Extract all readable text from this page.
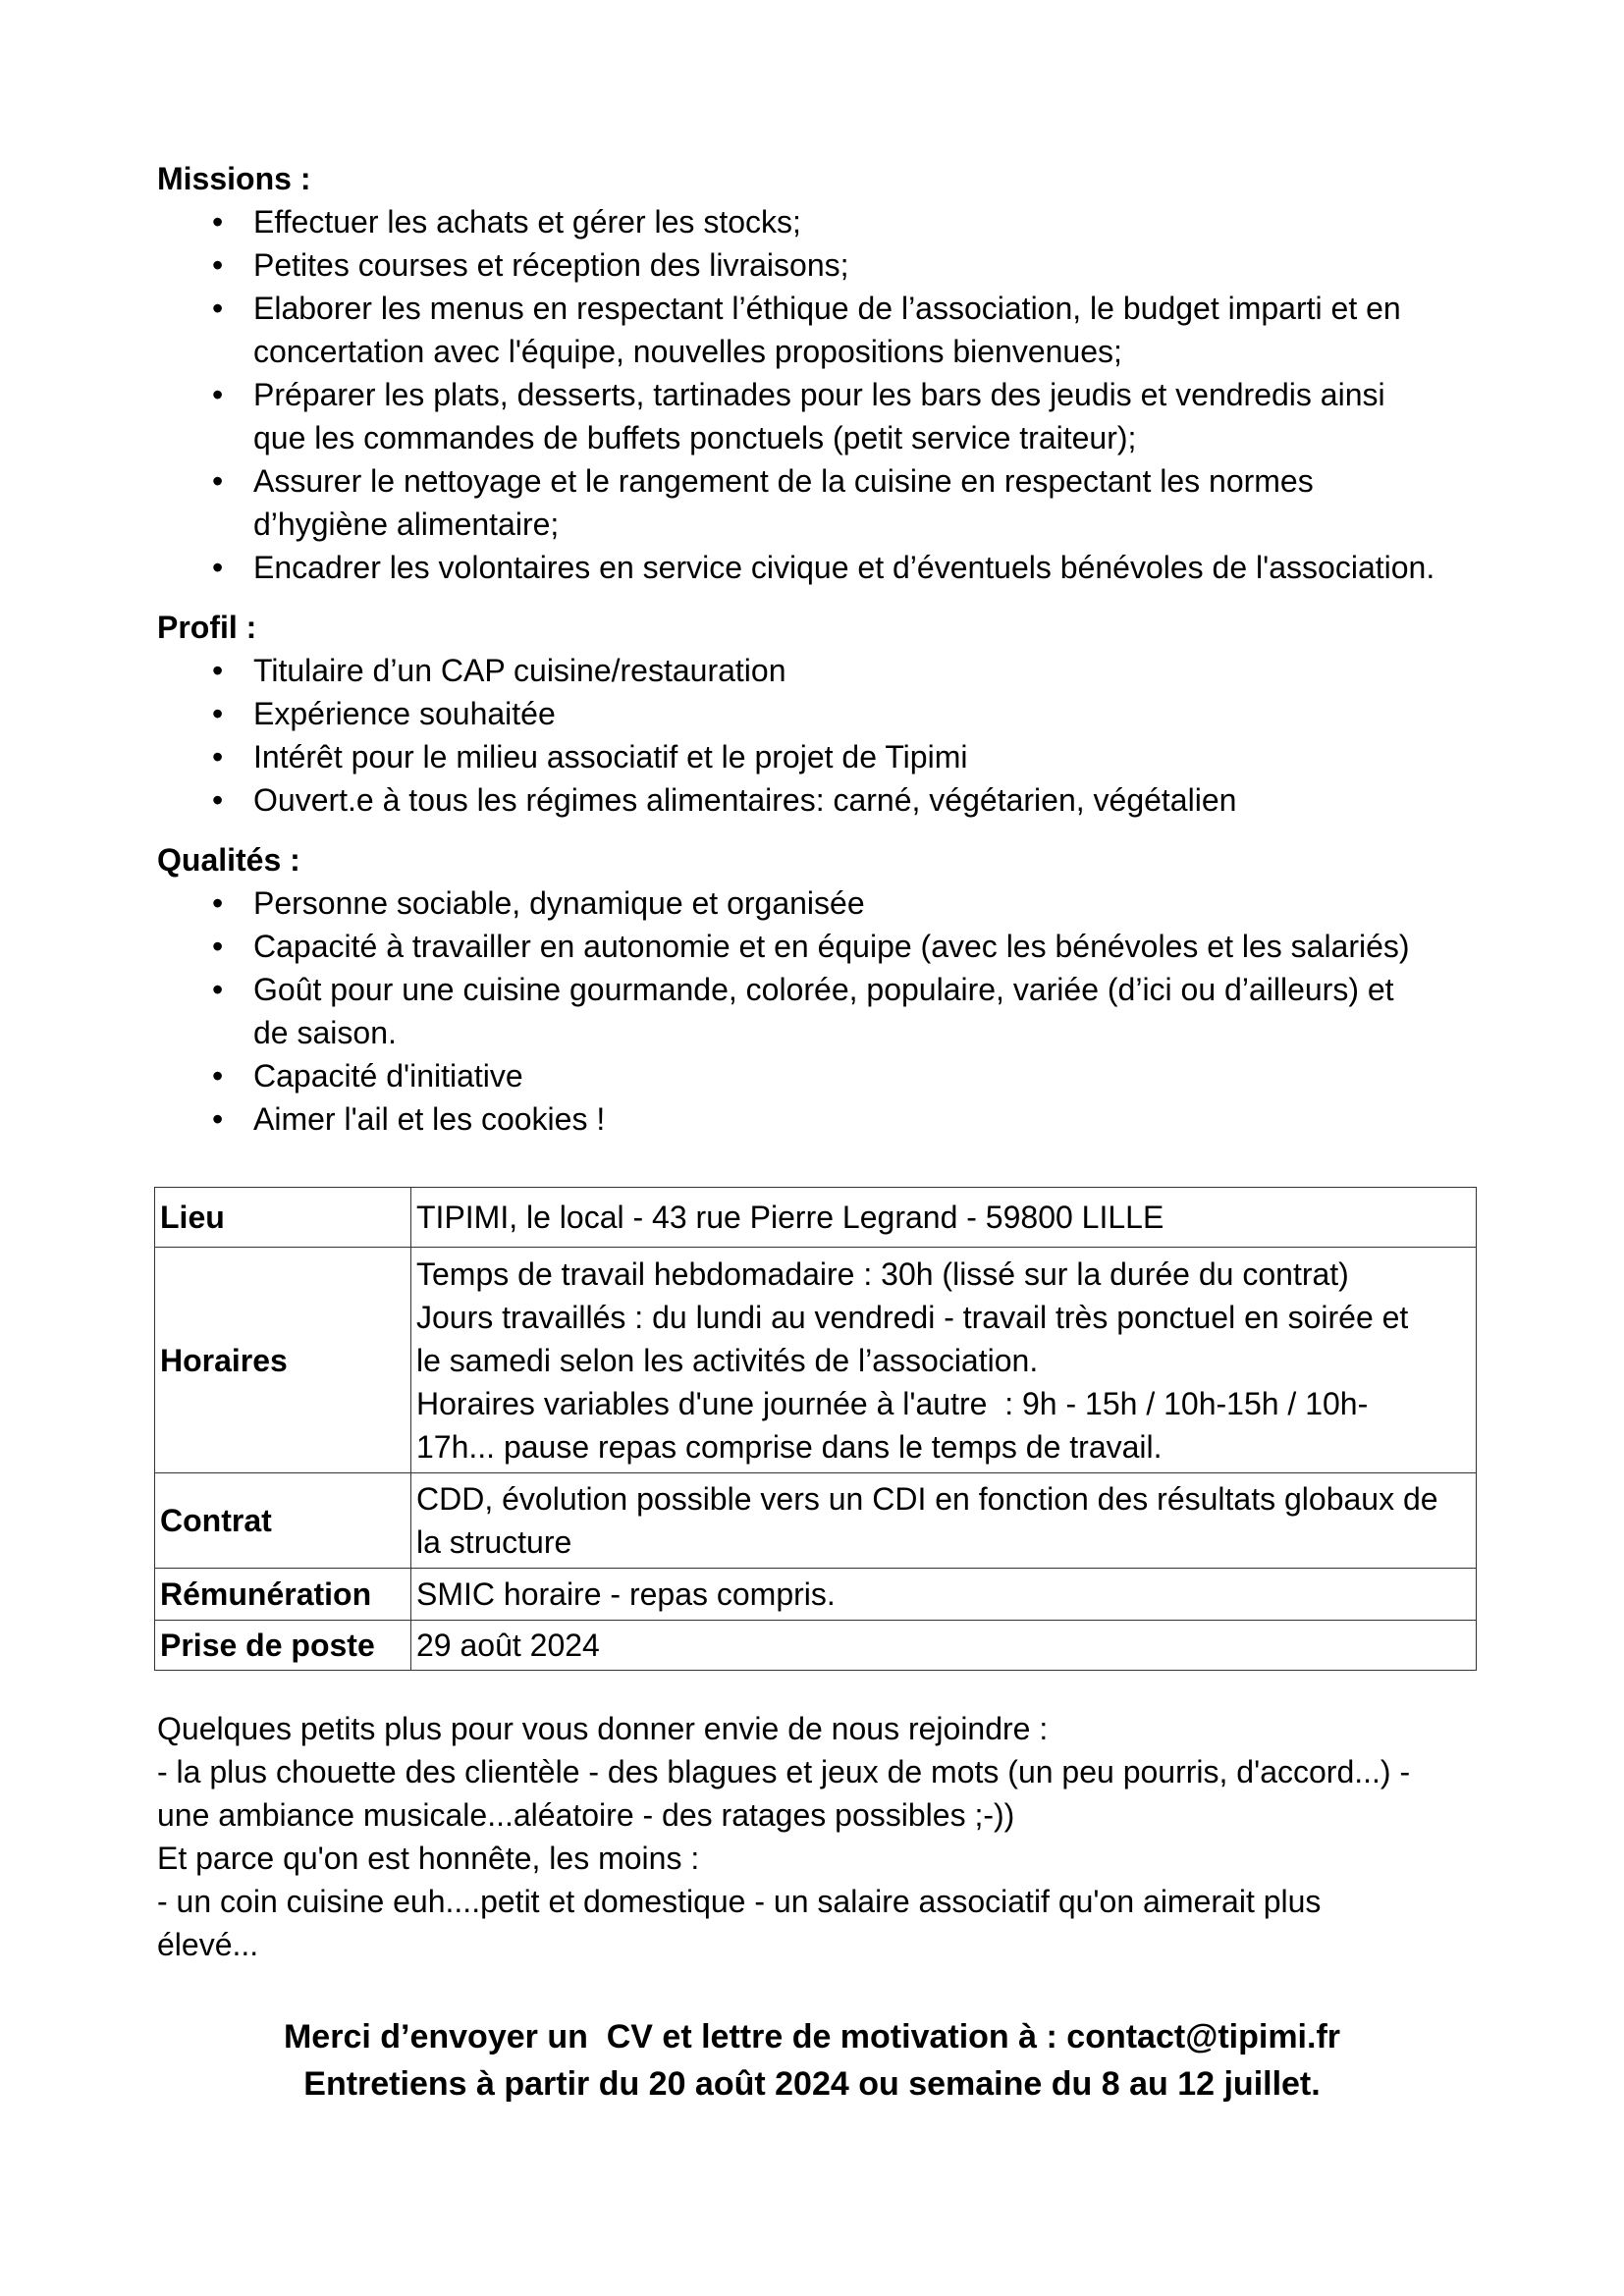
Missions :
•
Effectuer les achats et gérer les stocks;
•
Petites courses et réception des livraisons;
•
Elaborer les menus en respectant l’éthique de l’association, le budget imparti et en
concertation avec l'équipe, nouvelles propositions bienvenues;
•
Préparer les plats, desserts, tartinades pour les bars des jeudis et vendredis ainsi
que les commandes de buffets ponctuels (petit service traiteur);
•
Assurer le nettoyage et le rangement de la cuisine en respectant les normes
d’hygiène alimentaire;
•
Encadrer les volontaires en service civique et d’éventuels bénévoles de l'association.
Profil :
•
Titulaire d’un CAP cuisine/restauration
•
Expérience souhaitée
•
Intérêt pour le milieu associatif et le projet de Tipimi
•
Ouvert.e à tous les régimes alimentaires: carné, végétarien, végétalien
Qualités :
•
Personne sociable, dynamique et organisée
•
Capacité à travailler en autonomie et en équipe (avec les bénévoles et les salariés)
•
Goût pour une cuisine gourmande, colorée, populaire, variée (d’ici ou d’ailleurs) et
de saison.
•
Capacité d'initiative
•
Aimer l'ail et les cookies !
Lieu	TIPIMI, le local - 43 rue Pierre Legrand - 59800 LILLE

Horaires	Temps de travail hebdomadaire : 30h (lissé sur la durée du contrat)
Jours travaillés : du lundi au vendredi - travail très ponctuel en soirée et
le samedi selon les activités de l’association.
Horaires variables d'une journée à l'autre  : 9h - 15h / 10h-15h / 10h-
17h... pause repas comprise dans le temps de travail.

Contrat	CDD, évolution possible vers un CDI en fonction des résultats globaux de
la structure

Rémunération	SMIC horaire - repas compris.

Prise de poste	29 août 2024
Quelques petits plus pour vous donner envie de nous rejoindre :
- la plus chouette des clientèle - des blagues et jeux de mots (un peu pourris, d'accord...) -
une ambiance musicale...aléatoire - des ratages possibles ;-))
Et parce qu'on est honnête, les moins :
- un coin cuisine euh....petit et domestique - un salaire associatif qu'on aimerait plus
élevé...
Merci d’envoyer un  CV et lettre de motivation à : contact@tipimi.fr
Entretiens à partir du 20 août 2024 ou semaine du 8 au 12 juillet.
